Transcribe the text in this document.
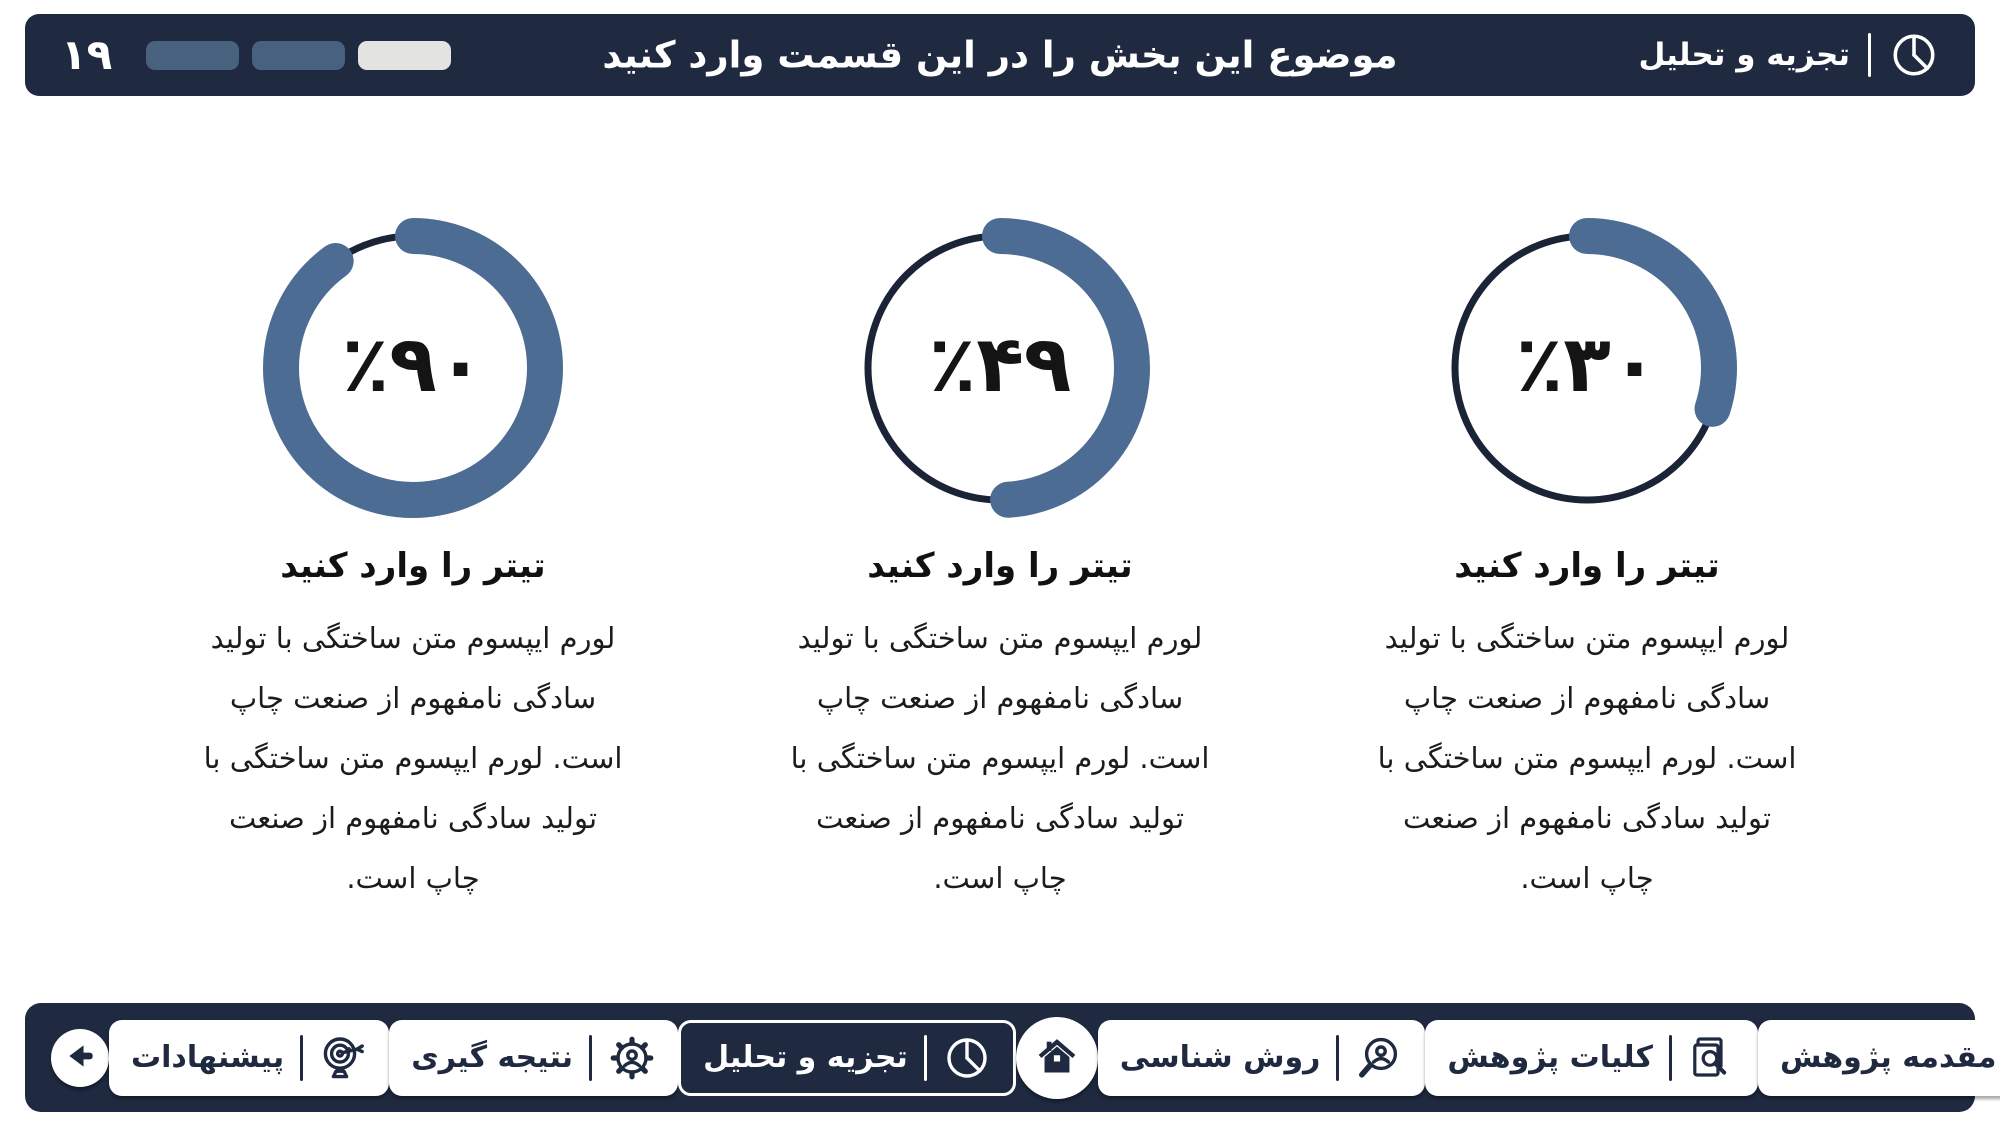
۱۹	موضوع این بخش را در این قسمت وارد کنید	تجزیه و تحلیل
٪۹۰
تیتر را وارد کنید

لورم ایپسوم متن ساختگی با تولید سادگی نامفهوم از صنعت چاپ است. لورم ایپسوم متن ساختگی با تولید سادگی نامفهوم از صنعت چاپ است.

٪۴۹
تیتر را وارد کنید

لورم ایپسوم متن ساختگی با تولید سادگی نامفهوم از صنعت چاپ است. لورم ایپسوم متن ساختگی با تولید سادگی نامفهوم از صنعت چاپ است.

٪۳۰
تیتر را وارد کنید

لورم ایپسوم متن ساختگی با تولید سادگی نامفهوم از صنعت چاپ است. لورم ایپسوم متن ساختگی با تولید سادگی نامفهوم از صنعت چاپ است.

پیشنهادات	نتیجه گیری	تجزیه و تحلیل	روش شناسی	کلیات پژوهش	مقدمه پژوهش
